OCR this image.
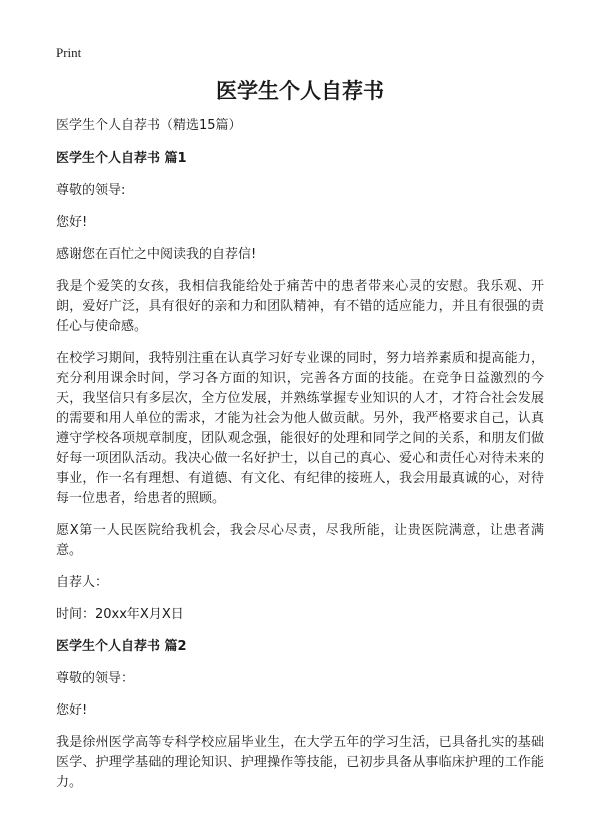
Print
医学生个人自荐书
医学生个人自荐书（精选15篇）
医学生个人自荐书 篇1
尊敬的领导:
您好!
感谢您在百忙之中阅读我的自荐信!
我是个爱笑的女孩，我相信我能给处于痛苦中的患者带来心灵的安慰。我乐观、开朗，爱好广泛，具有很好的亲和力和团队精神，有不错的适应能力，并且有很强的责任心与使命感。
在校学习期间，我特别注重在认真学习好专业课的同时，努力培养素质和提高能力，充分利用课余时间，学习各方面的知识，完善各方面的技能。在竞争日益激烈的今天，我坚信只有多层次，全方位发展，并熟练掌握专业知识的人才，才符合社会发展的需要和用人单位的需求，才能为社会为他人做贡献。另外，我严格要求自己，认真遵守学校各项规章制度，团队观念强，能很好的处理和同学之间的关系，和朋友们做好每一项团队活动。我决心做一名好护士，以自己的真心、爱心和责任心对待未来的事业，作一名有理想、有道德、有文化、有纪律的接班人，我会用最真诚的心，对待每一位患者，给患者的照顾。
愿X第一人民医院给我机会，我会尽心尽责，尽我所能，让贵医院满意，让患者满意。
自荐人：
时间：20xx年X月X日
医学生个人自荐书 篇2
尊敬的领导：
您好!
我是徐州医学高等专科学校应届毕业生，在大学五年的学习生活，已具备扎实的基础医学、护理学基础的理论知识、护理操作等技能，已初步具备从事临床护理的工作能力。
